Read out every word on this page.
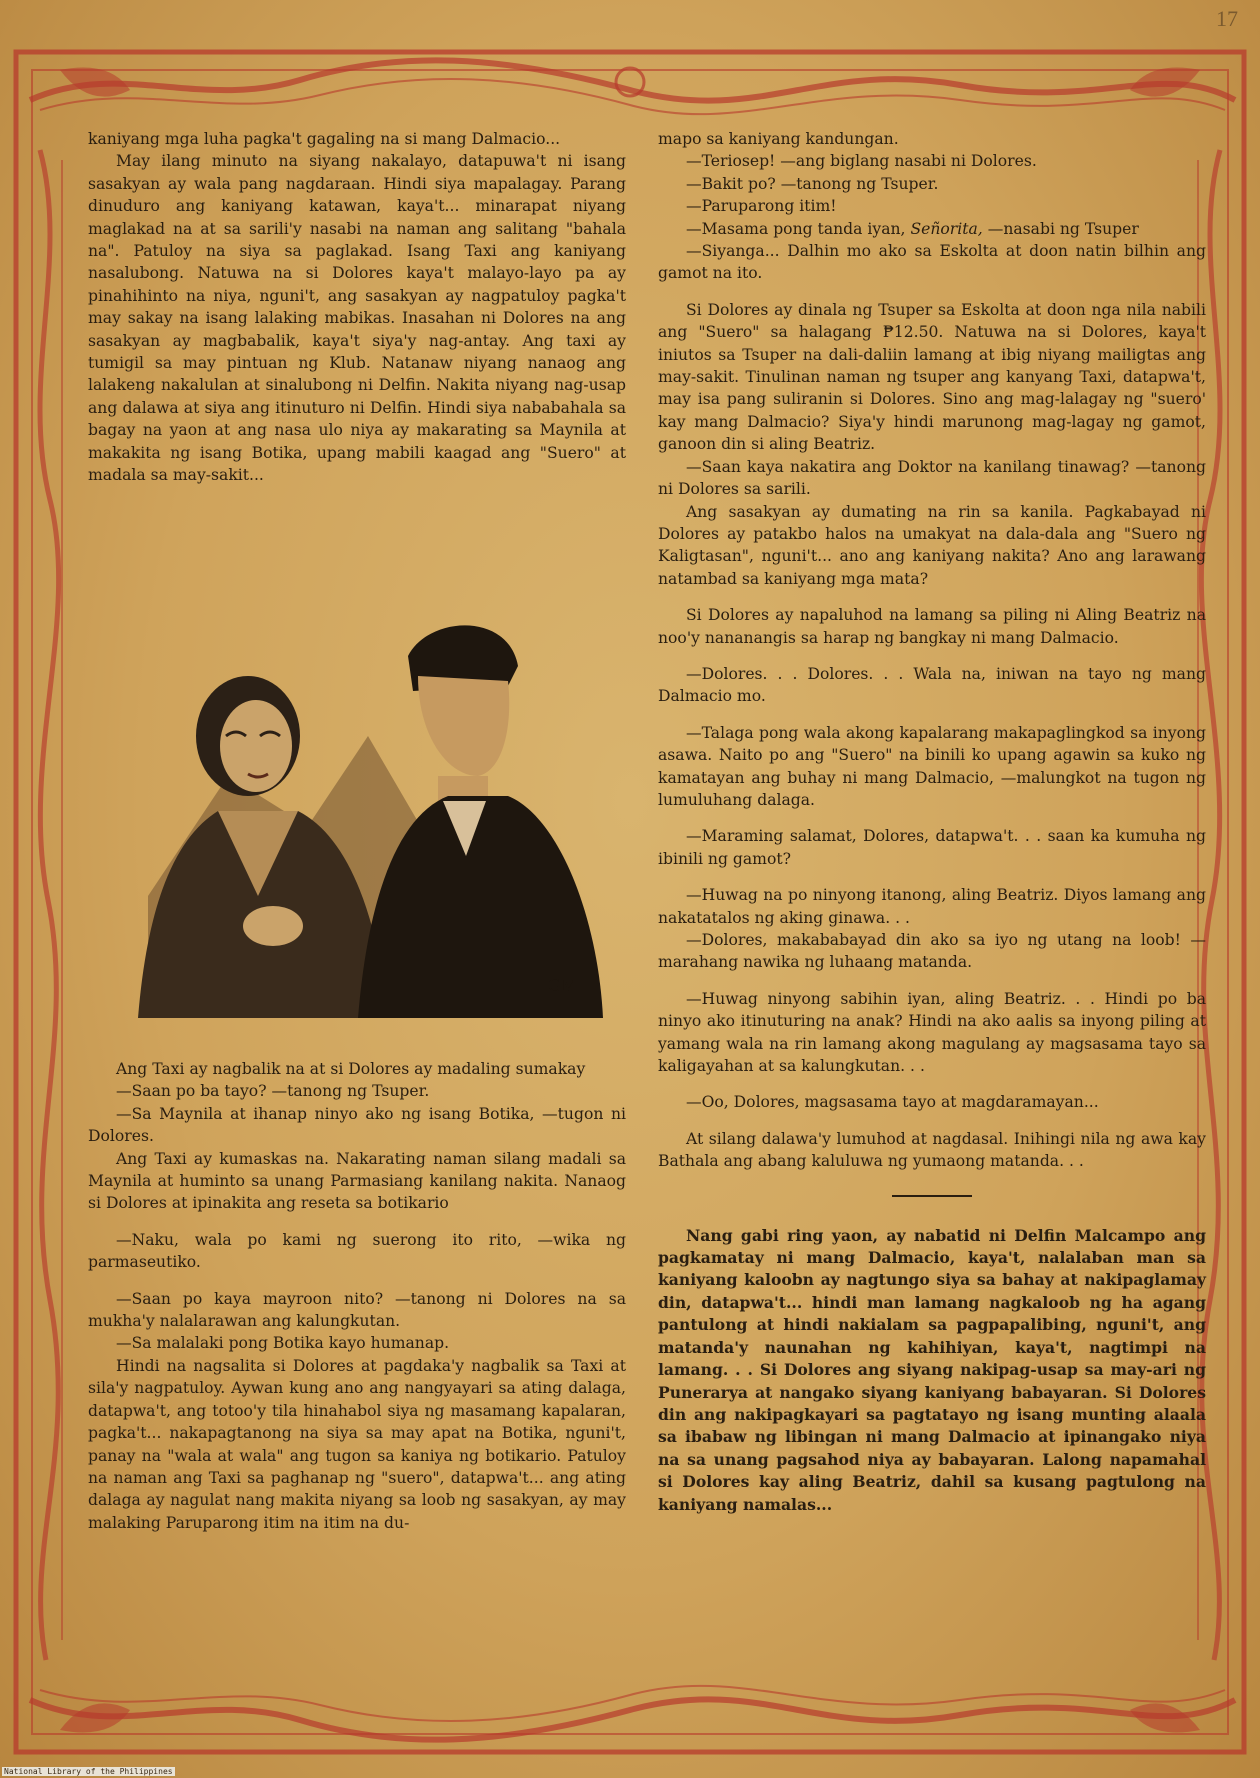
17

kaniyang mga luha pagka't gagaling na si mang Dalmacio...

May ilang minuto na siyang nakalayo, datapuwa't ni isang sasakyan ay wala pang nagdaraan. Hindi siya mapalagay. Parang dinuduro ang kaniyang katawan, kaya't... minarapat niyang maglakad na at sa sarili'y nasabi na naman ang salitang "bahala na". Patuloy na siya sa paglakad. Isang Taxi ang kaniyang nasalubong. Natuwa na si Dolores kaya't malayo-layo pa ay pinahihinto na niya, nguni't, ang sasakyan ay nagpatuloy pagka't may sakay na isang lalaking mabikas. Inasahan ni Dolores na ang sasakyan ay magbabalik, kaya't siya'y nag-antay. Ang taxi ay tumigil sa may pintuan ng Klub. Natanaw niyang nanaog ang lalakeng nakalulan at sinalubong ni Delfin. Nakita niyang nag-usap ang dalawa at siya ang itinuturo ni Delfin. Hindi siya nababahala sa bagay na yaon at ang nasa ulo niya ay makarating sa Maynila at makakita ng isang Botika, upang mabili kaagad ang "Suero" at madala sa may-sakit...

GMH

Ang Taxi ay nagbalik na at si Dolores ay madaling sumakay

—Saan po ba tayo? —tanong ng Tsuper.

—Sa Maynila at ihanap ninyo ako ng isang Botika, —tugon ni Dolores.

Ang Taxi ay kumaskas na. Nakarating naman silang madali sa Maynila at huminto sa unang Parmasiang kanilang nakita. Nanaog si Dolores at ipinakita ang reseta sa botikario

—Naku, wala po kami ng suerong ito rito, —wika ng parmaseutiko.

—Saan po kaya mayroon nito? —tanong ni Dolores na sa mukha'y nalalarawan ang kalungkutan.

—Sa malalaki pong Botika kayo humanap.

Hindi na nagsalita si Dolores at pagdaka'y nagbalik sa Taxi at sila'y nagpatuloy. Aywan kung ano ang nangyayari sa ating dalaga, datapwa't, ang totoo'y tila hinahabol siya ng masamang kapalaran, pagka't... nakapagtanong na siya sa may apat na Botika, nguni't, panay na "wala at wala" ang tugon sa kaniya ng botikario. Patuloy na naman ang Taxi sa paghanap ng "suero", datapwa't... ang ating dalaga ay nagulat nang makita niyang sa loob ng sasakyan, ay may malaking Paruparong itim na itim na du-

mapo sa kaniyang kandungan.

—Teriosep! —ang biglang nasabi ni Dolores.

—Bakit po? —tanong ng Tsuper.

—Paruparong itim!

—Masama pong tanda iyan, Señorita, —nasabi ng Tsuper

—Siyanga... Dalhin mo ako sa Eskolta at doon natin bilhin ang gamot na ito.

Si Dolores ay dinala ng Tsuper sa Eskolta at doon nga nila nabili ang "Suero" sa halagang ₱12.50. Natuwa na si Dolores, kaya't iniutos sa Tsuper na dali-daliin lamang at ibig niyang mailigtas ang may-sakit. Tinulinan naman ng tsuper ang kanyang Taxi, datapwa't, may isa pang suliranin si Dolores. Sino ang mag-lalagay ng "suero' kay mang Dalmacio? Siya'y hindi marunong mag-lagay ng gamot, ganoon din si aling Beatriz.

—Saan kaya nakatira ang Doktor na kanilang tinawag? —tanong ni Dolores sa sarili.

Ang sasakyan ay dumating na rin sa kanila. Pagkabayad ni Dolores ay patakbo halos na umakyat na dala-dala ang "Suero ng Kaligtasan", nguni't... ano ang kaniyang nakita? Ano ang larawang natambad sa kaniyang mga mata?

Si Dolores ay napaluhod na lamang sa piling ni Aling Beatriz na noo'y nananangis sa harap ng bangkay ni mang Dalmacio.

—Dolores. . . Dolores. . . Wala na, iniwan na tayo ng mang Dalmacio mo.

—Talaga pong wala akong kapalarang makapaglingkod sa inyong asawa. Naito po ang "Suero" na binili ko upang agawin sa kuko ng kamatayan ang buhay ni mang Dalmacio, —malungkot na tugon ng lumuluhang dalaga.

—Maraming salamat, Dolores, datapwa't. . . saan ka kumuha ng ibinili ng gamot?

—Huwag na po ninyong itanong, aling Beatriz. Diyos lamang ang nakatatalos ng aking ginawa. . .

—Dolores, makababayad din ako sa iyo ng utang na loob! —marahang nawika ng luhaang matanda.

—Huwag ninyong sabihin iyan, aling Beatriz. . . Hindi po ba ninyo ako itinuturing na anak? Hindi na ako aalis sa inyong piling at yamang wala na rin lamang akong magulang ay magsasama tayo sa kaligayahan at sa kalungkutan. . .

—Oo, Dolores, magsasama tayo at magdaramayan...

At silang dalawa'y lumuhod at nagdasal. Inihingi nila ng awa kay Bathala ang abang kaluluwa ng yumaong matanda. . .

Nang gabi ring yaon, ay nabatid ni Delfin Malcampo ang pagkamatay ni mang Dalmacio, kaya't, nalalaban man sa kaniyang kaloobn ay nagtungo siya sa bahay at nakipaglamay din, datapwa't... hindi man lamang nagkaloob ng ha agang pantulong at hindi nakialam sa pagpapalibing, nguni't, ang matanda'y naunahan ng kahihiyan, kaya't, nagtimpi na lamang. . . Si Dolores ang siyang nakipag-usap sa may-ari ng Punerarya at nangako siyang kaniyang babayaran. Si Dolores din ang nakipagkayari sa pagtatayo ng isang munting alaala sa ibabaw ng libingan ni mang Dalmacio at ipinangako niya na sa unang pagsahod niya ay babayaran. Lalong napamahal si Dolores kay aling Beatriz, dahil sa kusang pagtulong na kaniyang namalas...

National Library of the Philippines
